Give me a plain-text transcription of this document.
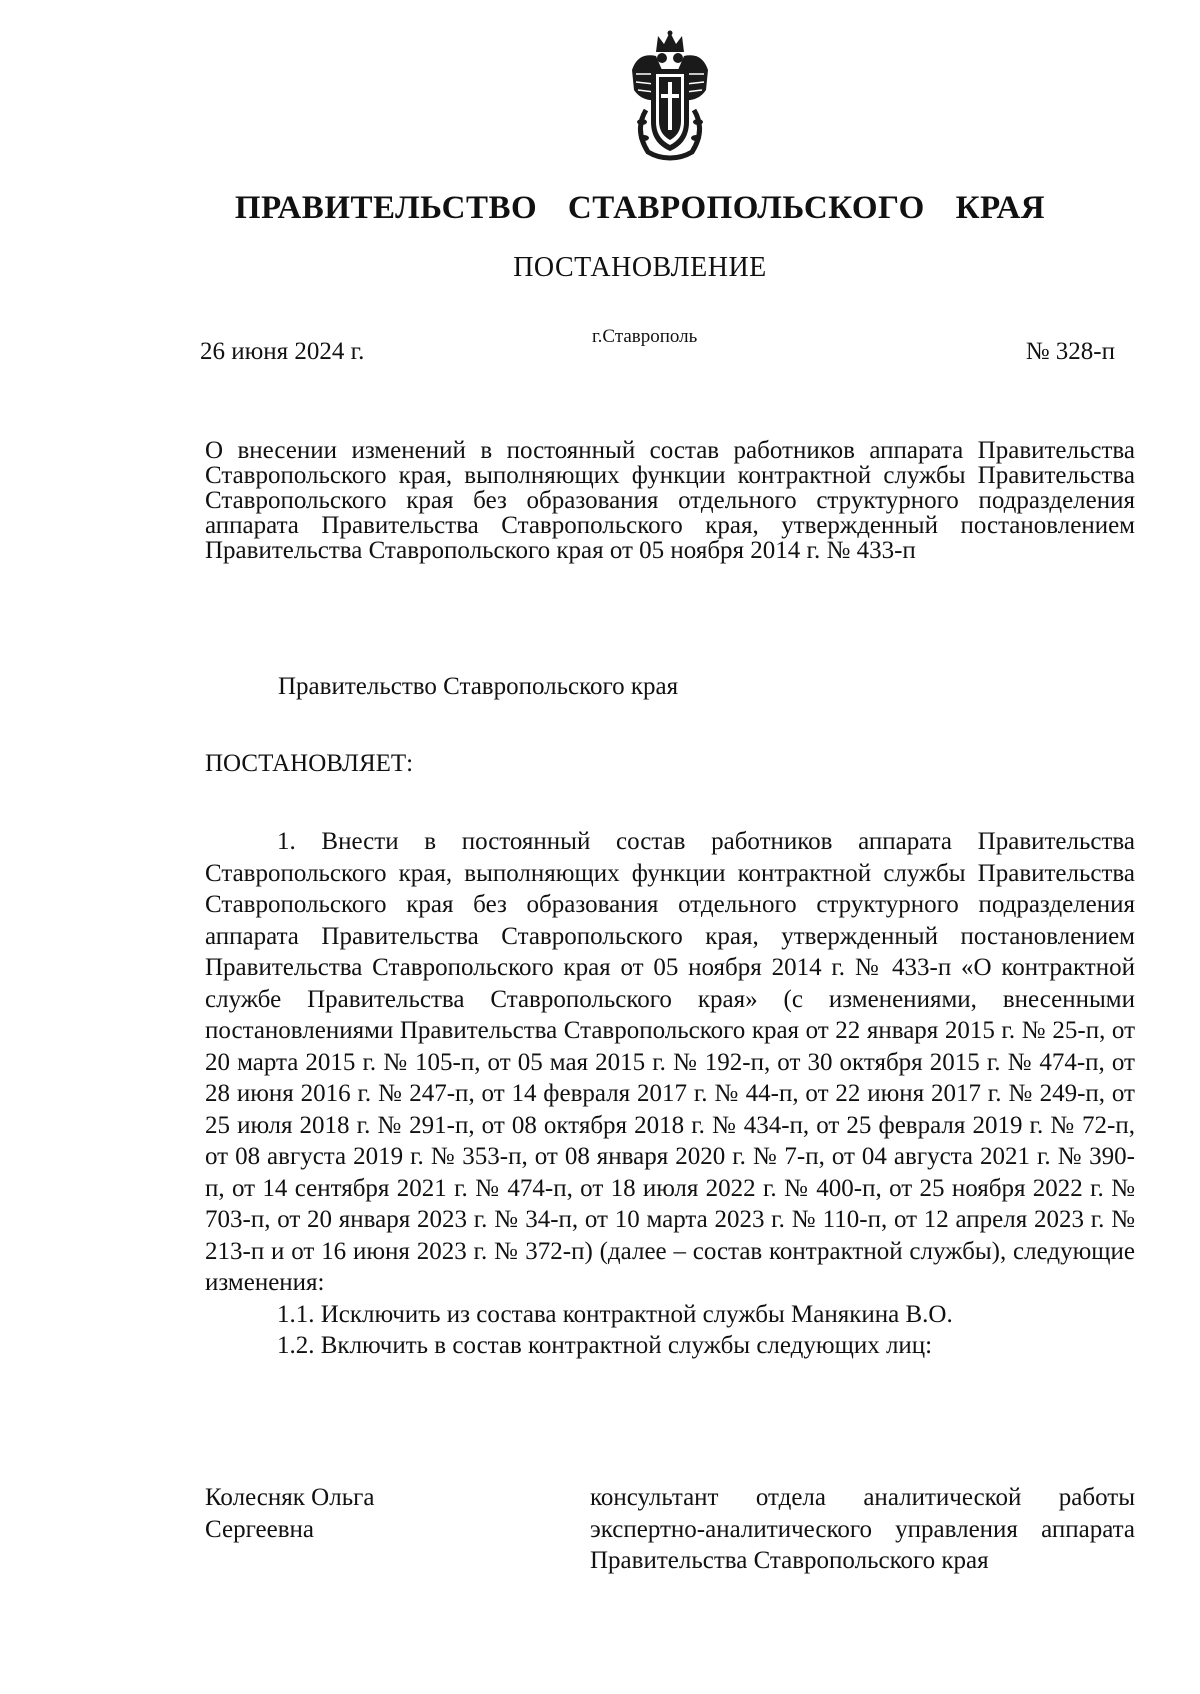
ПРАВИТЕЛЬСТВО СТАВРОПОЛЬСКОГО КРАЯ
ПОСТАНОВЛЕНИЕ
г.Ставрополь
26 июня 2024 г.	№ 328-п
О внесении изменений в постоянный состав работников аппарата Правительства Ставропольского края, выполняющих функции контрактной службы Правительства Ставропольского края без образования отдельного структурного подразделения аппарата Правительства Ставропольского края, утвержденный постановлением Правительства Ставропольского края от 05 ноября 2014 г. № 433-п
Правительство Ставропольского края
ПОСТАНОВЛЯЕТ:

1. Внести в постоянный состав работников аппарата Правительства Ставропольского края, выполняющих функции контрактной службы Правительства Ставропольского края без образования отдельного структурного подразделения аппарата Правительства Ставропольского края, утвержденный постановлением Правительства Ставропольского края от 05 ноября 2014 г. № 433-п «О контрактной службе Правительства Ставропольского края» (с изменениями, внесенными постановлениями Правительства Ставропольского края от 22 января 2015 г. № 25-п, от 20 марта 2015 г. № 105-п, от 05 мая 2015 г. № 192-п, от 30 октября 2015 г. № 474-п, от 28 июня 2016 г. № 247-п, от 14 февраля 2017 г. № 44-п, от 22 июня 2017 г. № 249-п, от 25 июля 2018 г. № 291-п, от 08 октября 2018 г. № 434-п, от 25 февраля 2019 г. № 72-п, от 08 августа 2019 г. № 353-п, от 08 января 2020 г. № 7-п, от 04 августа 2021 г. № 390-п, от 14 сентября 2021 г. № 474-п, от 18 июля 2022 г. № 400-п, от 25 ноября 2022 г. № 703-п, от 20 января 2023 г. № 34-п, от 10 марта 2023 г. № 110-п, от 12 апреля 2023 г. № 213-п и от 16 июня 2023 г. № 372-п) (далее – состав контрактной службы), следующие изменения:

1.1. Исключить из состава контрактной службы Манякина В.О.

1.2. Включить в состав контрактной службы следующих лиц:

Колесняк Ольга Сергеевна
консультант отдела аналитической работы экспертно-аналитического управления аппарата Правительства Ставропольского края
